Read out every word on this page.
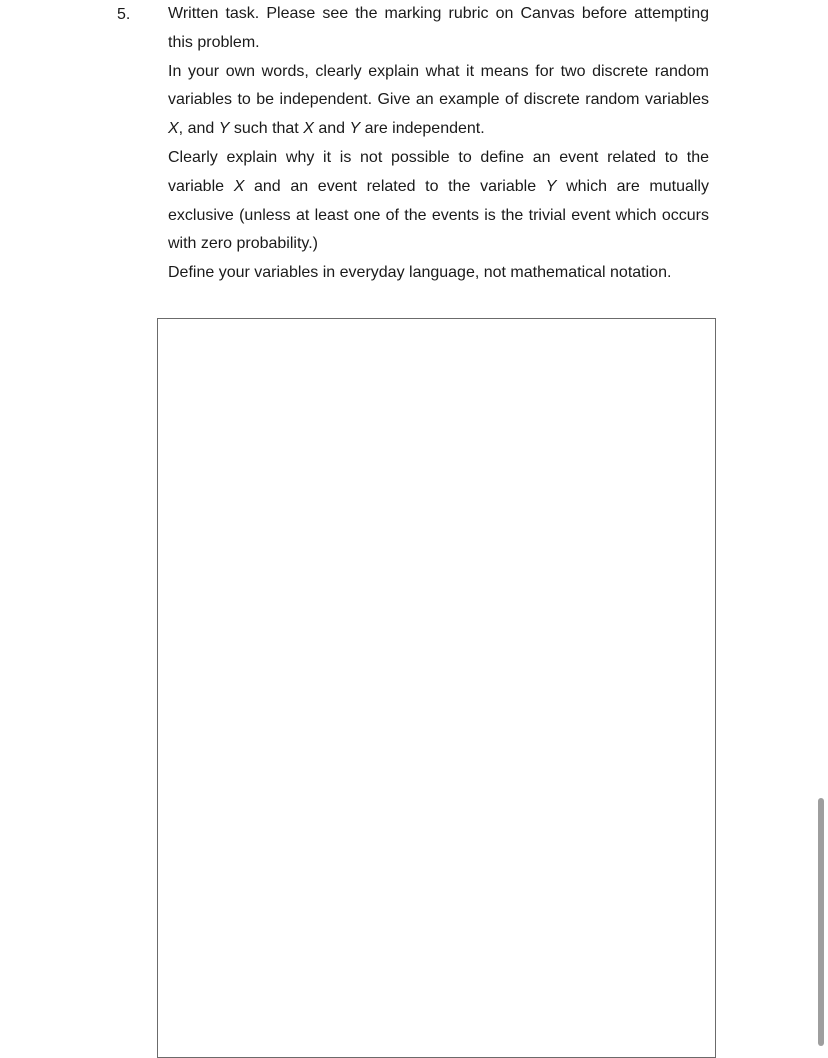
5. Written task. Please see the marking rubric on Canvas before attempting this problem.

In your own words, clearly explain what it means for two discrete random variables to be independent. Give an example of discrete random variables X, and Y such that X and Y are independent.

Clearly explain why it is not possible to define an event related to the variable X and an event related to the variable Y which are mutually exclusive (unless at least one of the events is the trivial event which occurs with zero probability.)

Define your variables in everyday language, not mathematical notation.
